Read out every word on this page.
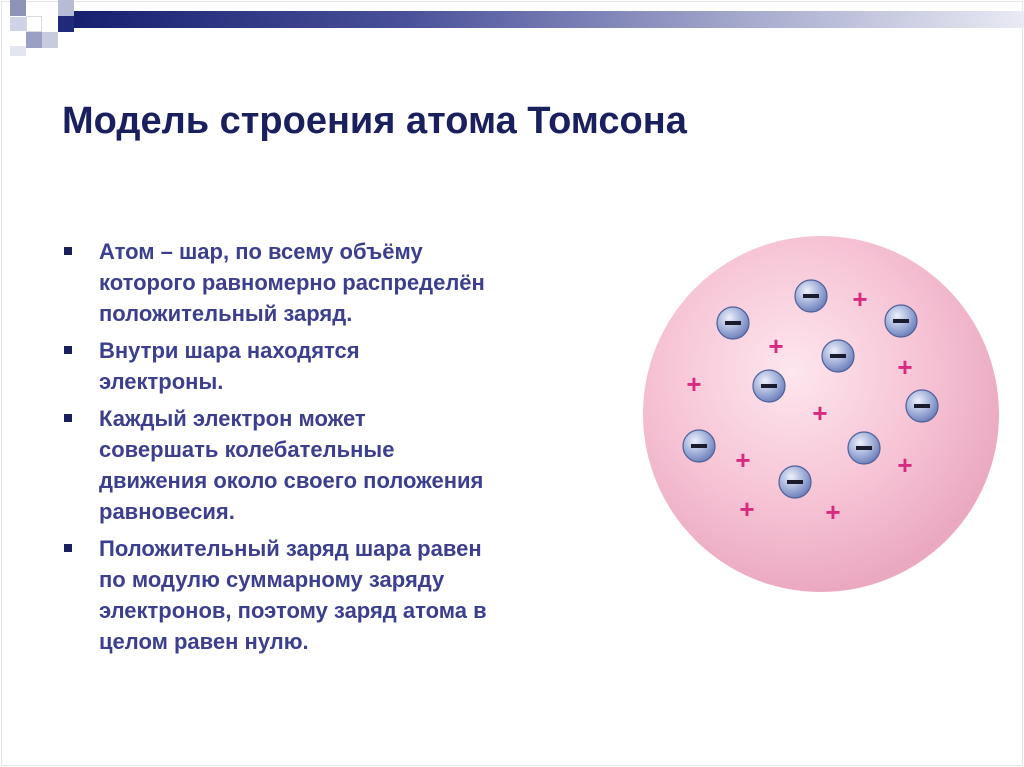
Модель строения атома Томсона
Атом – шар, по всему объёму
которого равномерно распределён
положительный заряд.
Внутри шара находятся
электроны.
Каждый электрон может
совершать колебательные
движения около своего положения
равновесия.
Положительный заряд шара равен
по модулю суммарному заряду
электронов, поэтому заряд атома в
целом равен нулю.
+
+
+
+
+
+	+
+	+
